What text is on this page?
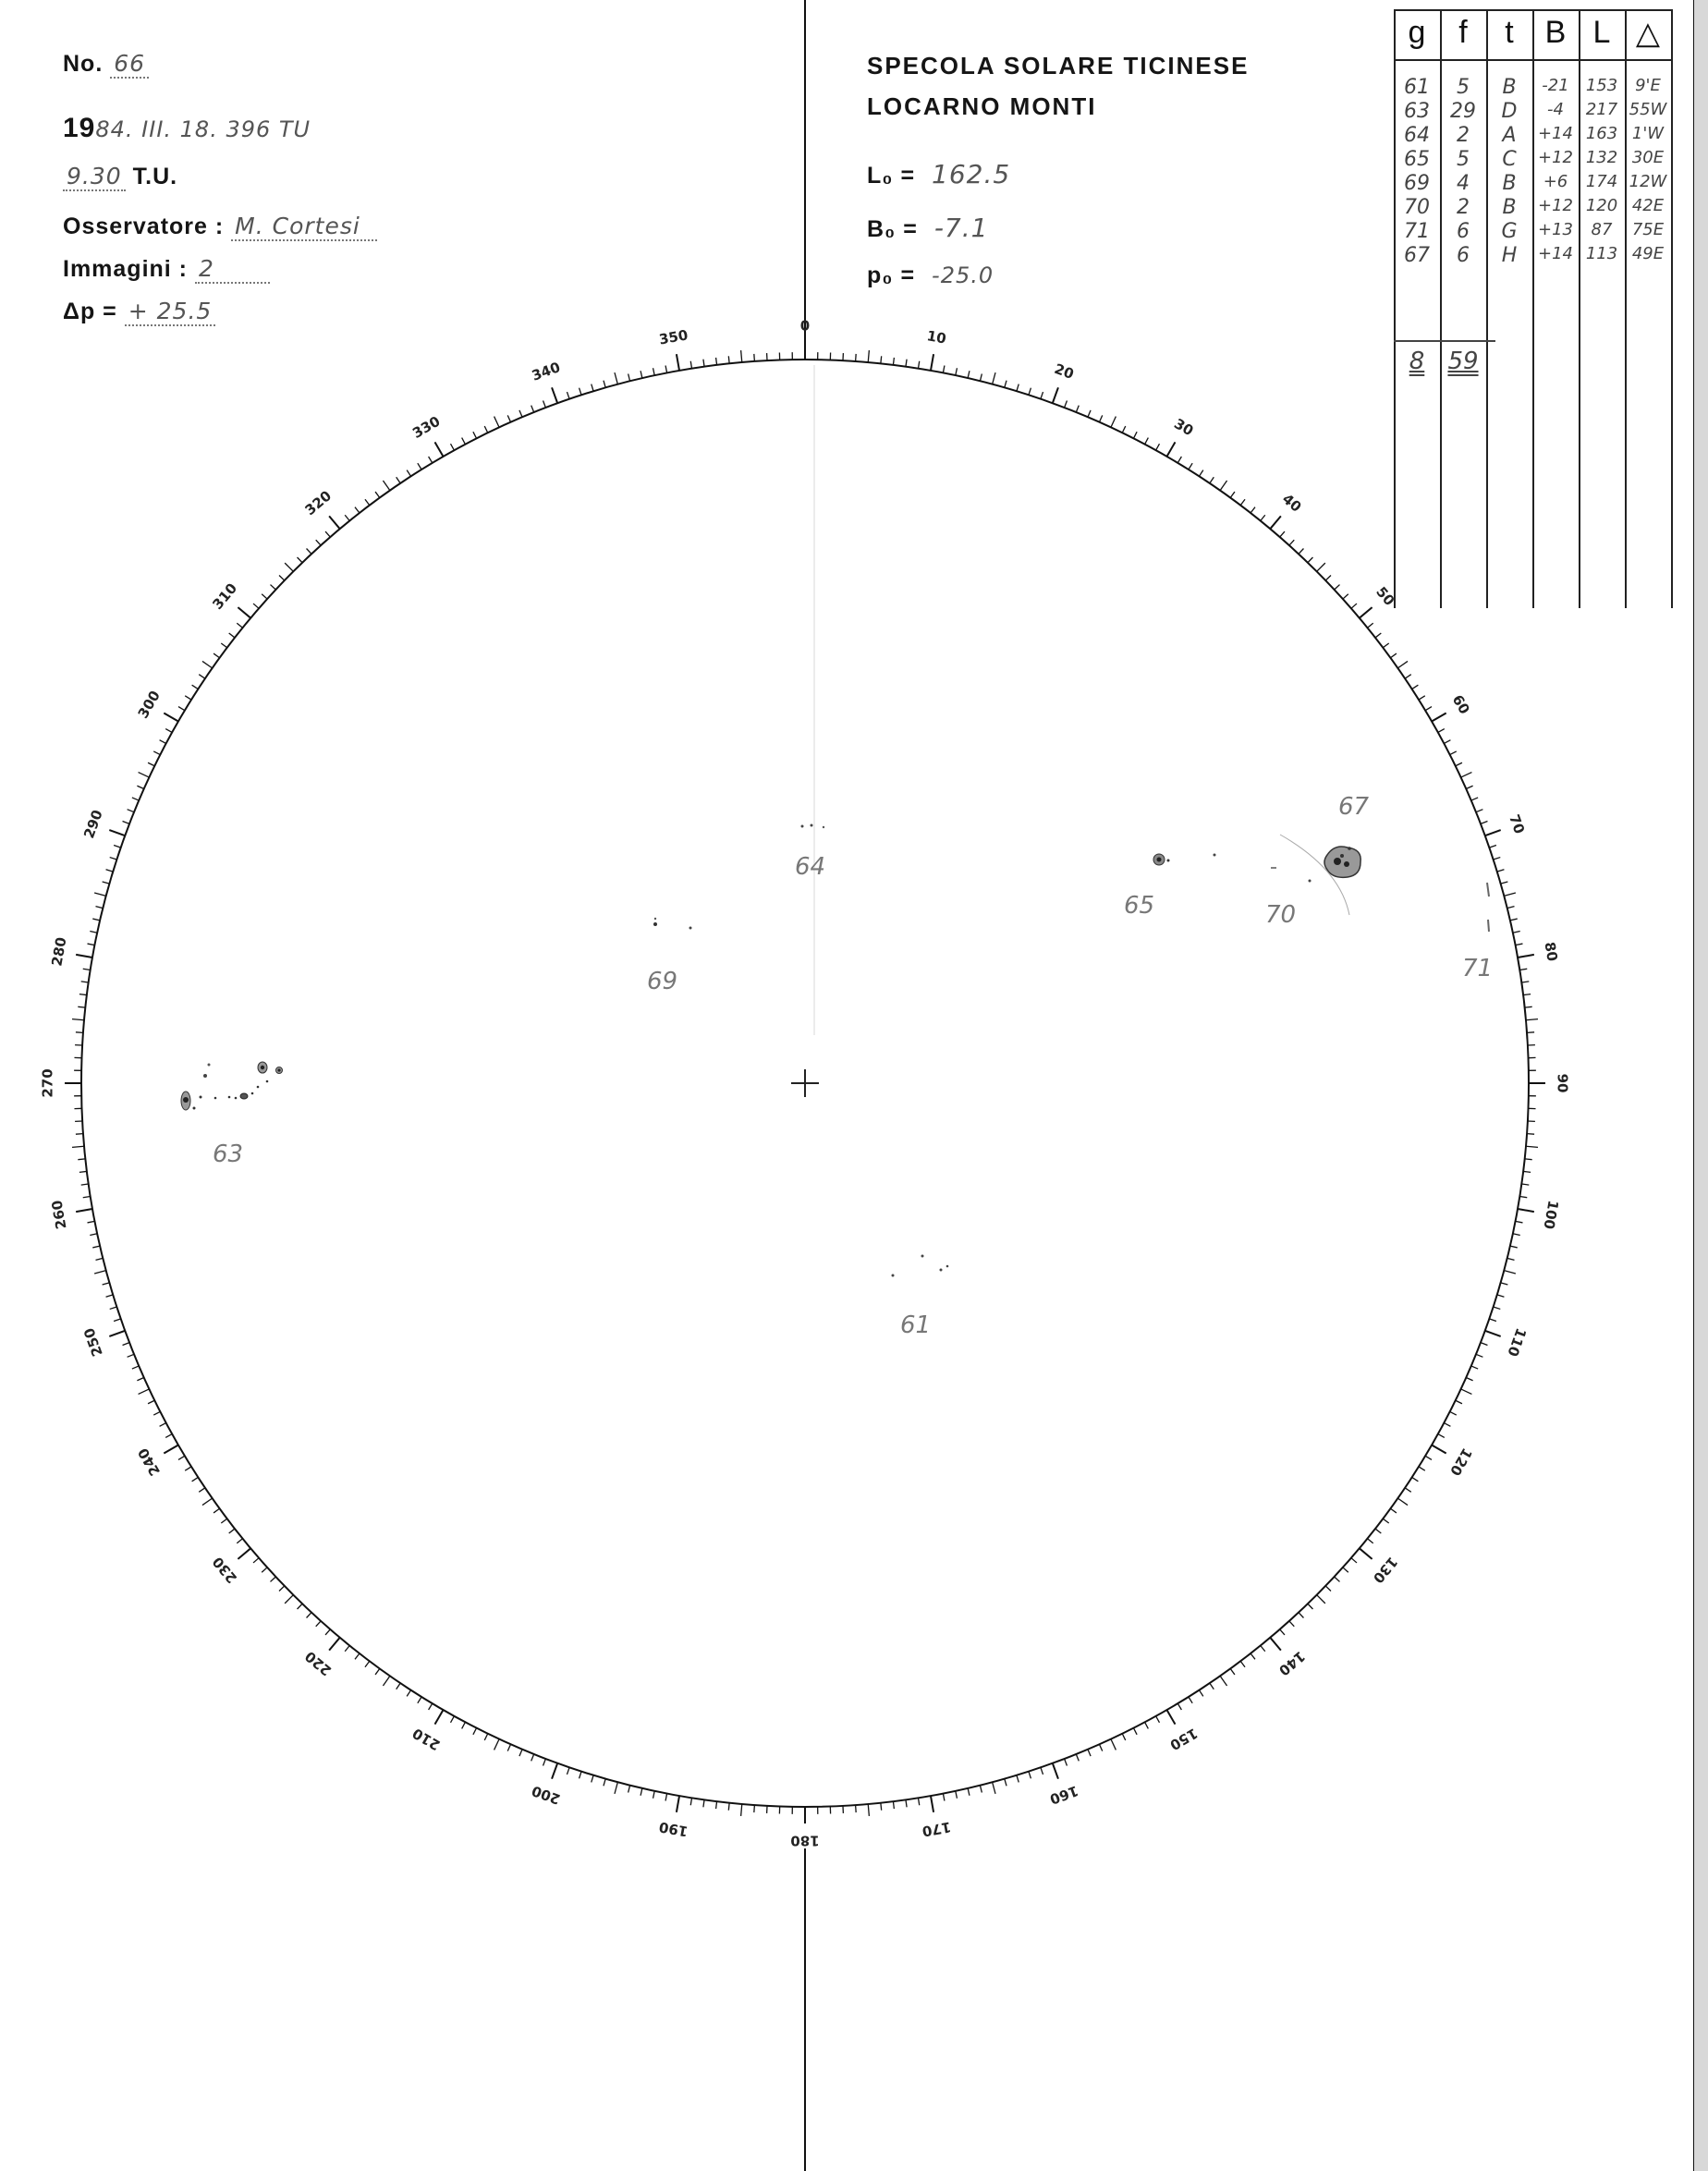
No. 66
1984. III. 18. 396 TU
9.30 T.U.
Osservatore : M. Cortesi
Immagini : 2
Δp = + 25.5
SPECOLA SOLARE TICINESE
LOCARNO MONTI
L₀ = 162.5
B₀ = -7.1
p₀ = -25.0
g	f	t B L △
61	5	B	-21	153	9'E
63	29	D	-4	217 55W
64	2	A	+14 163 1'W
65	5	C	+12 132 30E
69	4	B	+6	174 12W
70	2	B	+12 120 42E
71	6	G	+13	87	75E
67	6	H	+14 113 49E
8 59
0
10
20
30
40
50
60
70
80
90
100
110
120
130
140
150
160
170
180
190
200
210
220
230
240
250
260
270
280
290
300
310
320
330
340
350
64
65
67
70
71
69
63
61
